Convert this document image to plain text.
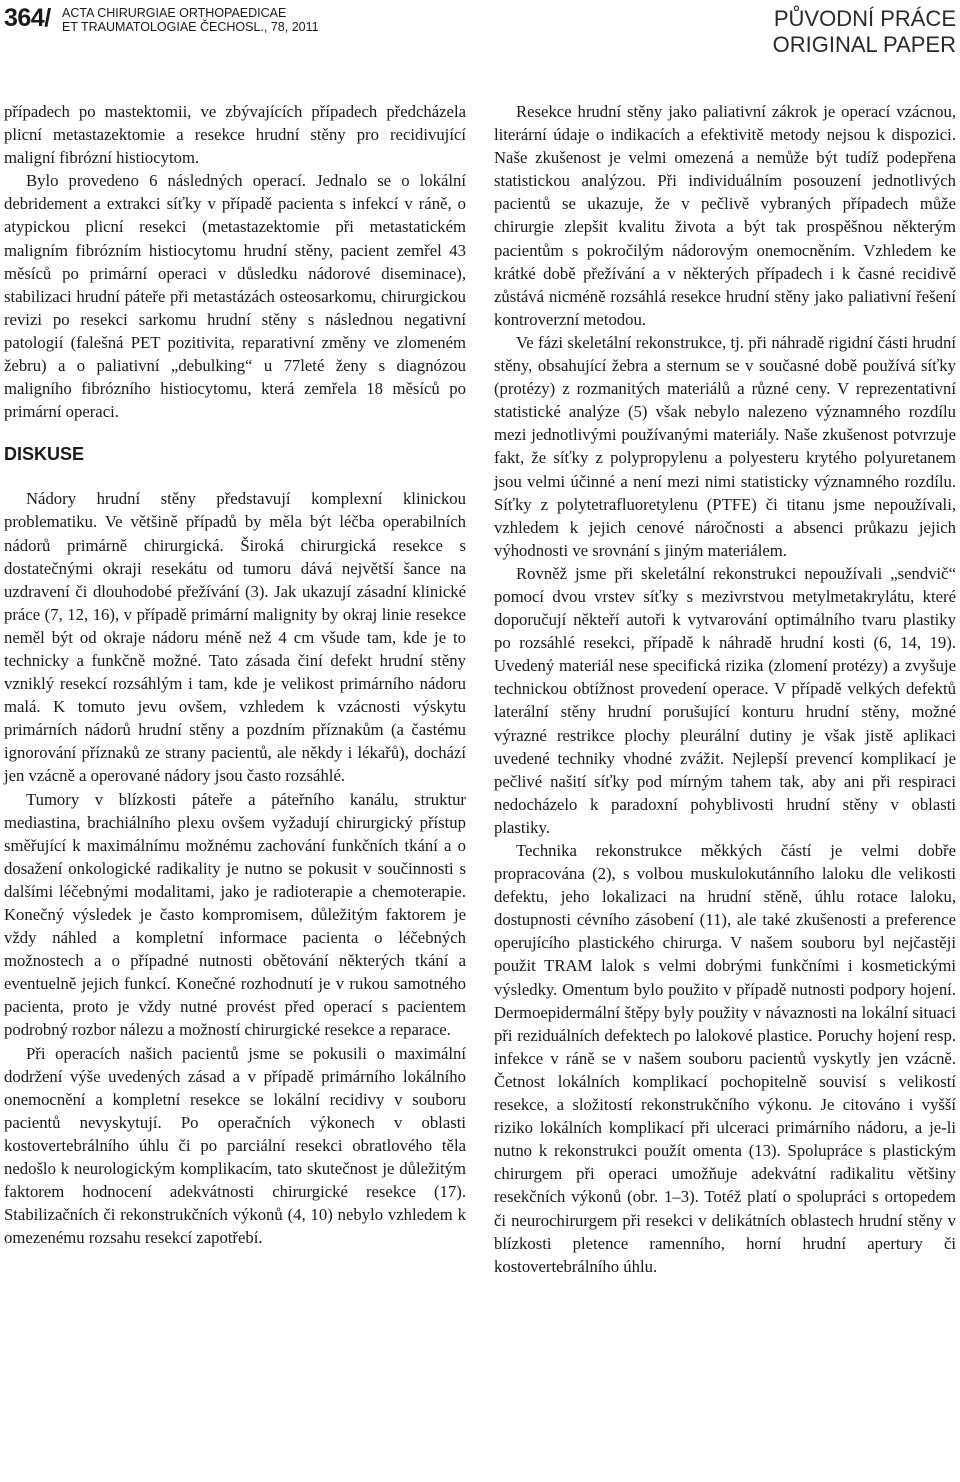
364/ ACTA CHIRURGIAE ORTHOPAEDICAE
ET TRAUMATOLOGIAE ČECHOSL., 78, 2011	PŮVODNÍ PRÁCE
ORIGINAL PAPER

případech po mastektomii, ve zbývajících případech předcházela plicní metastazektomie a resekce hrudní stěny pro recidivující maligní fibrózní histiocytom.

Bylo provedeno 6 následných operací. Jednalo se o lokální debridement a extrakci síťky v případě pacienta s infekcí v ráně, o atypickou plicní resekci (metastazektomie při metastatickém maligním fibrózním histiocytomu hrudní stěny, pacient zemřel 43 měsíců po primární operaci v důsledku nádorové diseminace), stabilizaci hrudní páteře při metastázách osteosarkomu, chirurgickou revizi po resekci sarkomu hrudní stěny s následnou negativní patologií (falešná PET pozitivita, reparativní změny ve zlomeném žebru) a o paliativní „debulking“ u 77leté ženy s diagnózou maligního fibrózního histiocytomu, která zemřela 18 měsíců po primární operaci.

DISKUSE

Nádory hrudní stěny představují komplexní klinickou problematiku. Ve většině případů by měla být léčba operabilních nádorů primárně chirurgická. Široká chirurgická resekce s dostatečnými okraji resekátu od tumoru dává největší šance na uzdravení či dlouhodobé přežívání (3). Jak ukazují zásadní klinické práce (7, 12, 16), v případě primární malignity by okraj linie resekce neměl být od okraje nádoru méně než 4 cm všude tam, kde je to technicky a funkčně možné. Tato zásada činí defekt hrudní stěny vzniklý resekcí rozsáhlým i tam, kde je velikost primárního nádoru malá. K tomuto jevu ovšem, vzhledem k vzácnosti výskytu primárních nádorů hrudní stěny a pozdním příznakům (a častému ignorování příznaků ze strany pacientů, ale někdy i lékařů), dochází jen vzácně a operované nádory jsou často rozsáhlé.

Tumory v blízkosti páteře a páteřního kanálu, struktur mediastina, brachiálního plexu ovšem vyžadují chirurgický přístup směřující k maximálnímu možnému zachování funkčních tkání a o dosažení onkologické radikality je nutno se pokusit v součinnosti s dalšími léčebnými modalitami, jako je radioterapie a chemoterapie. Konečný výsledek je často kompromisem, důležitým faktorem je vždy náhled a kompletní informace pacienta o léčebných možnostech a o případné nutnosti obětování některých tkání a eventuelně jejich funkcí. Konečné rozhodnutí je v rukou samotného pacienta, proto je vždy nutné provést před operací s pacientem podrobný rozbor nálezu a možností chirurgické resekce a reparace.

Při operacích našich pacientů jsme se pokusili o maximální dodržení výše uvedených zásad a v případě primárního lokálního onemocnění a kompletní resekce se lokální recidivy v souboru pacientů nevyskytují. Po operačních výkonech v oblasti kostovertebrálního úhlu či po parciální resekci obratlového těla nedošlo k neurologickým komplikacím, tato skutečnost je důležitým faktorem hodnocení adekvátnosti chirurgické resekce (17). Stabilizačních či rekonstrukčních výkonů (4, 10) nebylo vzhledem k omezenému rozsahu resekcí zapotřebí.

Resekce hrudní stěny jako paliativní zákrok je operací vzácnou, literární údaje o indikacích a efektivitě metody nejsou k dispozici. Naše zkušenost je velmi omezená a nemůže být tudíž podepřena statistickou analýzou. Při individuálním posouzení jednotlivých pacientů se ukazuje, že v pečlivě vybraných případech může chirurgie zlepšit kvalitu života a být tak prospěšnou některým pacientům s pokročilým nádorovým onemocněním. Vzhledem ke krátké době přežívání a v některých případech i k časné recidivě zůstává nicméně rozsáhlá resekce hrudní stěny jako paliativní řešení kontroverzní metodou.

Ve fázi skeletální rekonstrukce, tj. při náhradě rigidní části hrudní stěny, obsahující žebra a sternum se v současné době používá síťky (protézy) z rozmanitých materiálů a různé ceny. V reprezentativní statistické analýze (5) však nebylo nalezeno významného rozdílu mezi jednotlivými používanými materiály. Naše zkušenost potvrzuje fakt, že síťky z polypropylenu a polyesteru krytého polyuretanem jsou velmi účinné a není mezi nimi statisticky významného rozdílu. Síťky z polytetrafluoretylenu (PTFE) či titanu jsme nepoužívali, vzhledem k jejich cenové náročnosti a absenci průkazu jejich výhodnosti ve srovnání s jiným materiálem.

Rovněž jsme při skeletální rekonstrukci nepoužívali „sendvič“ pomocí dvou vrstev síťky s mezivrstvou metylmetakrylátu, které doporučují někteří autoři k vytvarování optimálního tvaru plastiky po rozsáhlé resekci, případě k náhradě hrudní kosti (6, 14, 19). Uvedený materiál nese specifická rizika (zlomení protézy) a zvyšuje technickou obtížnost provedení operace. V případě velkých defektů laterální stěny hrudní porušující konturu hrudní stěny, možné výrazné restrikce plochy pleurální dutiny je však jistě aplikaci uvedené techniky vhodné zvážit. Nejlepší prevencí komplikací je pečlivé našití síťky pod mírným tahem tak, aby ani při respiraci nedocházelo k paradoxní pohyblivosti hrudní stěny v oblasti plastiky.

Technika rekonstrukce měkkých částí je velmi dobře propracována (2), s volbou muskulokutánního laloku dle velikosti defektu, jeho lokalizaci na hrudní stěně, úhlu rotace laloku, dostupnosti cévního zásobení (11), ale také zkušenosti a preference operujícího plastického chirurga. V našem souboru byl nejčastěji použit TRAM lalok s velmi dobrými funkčními i kosmetickými výsledky. Omentum bylo použito v případě nutnosti podpory hojení. Dermoepidermální štěpy byly použity v návaznosti na lokální situaci při reziduálních defektech po lalokové plastice. Poruchy hojení resp. infekce v ráně se v našem souboru pacientů vyskytly jen vzácně. Četnost lokálních komplikací pochopitelně souvisí s velikostí resekce, a složitostí rekonstrukčního výkonu. Je citováno i vyšší riziko lokálních komplikací při ulceraci primárního nádoru, a je-li nutno k rekonstrukci použít omenta (13). Spolupráce s plastickým chirurgem při operaci umožňuje adekvátní radikalitu většiny resekčních výkonů (obr. 1–3). Totéž platí o spolupráci s ortopedem či neurochirurgem při resekci v delikátních oblastech hrudní stěny v blízkosti pletence ramenního, horní hrudní apertury či kostovertebrálního úhlu.
